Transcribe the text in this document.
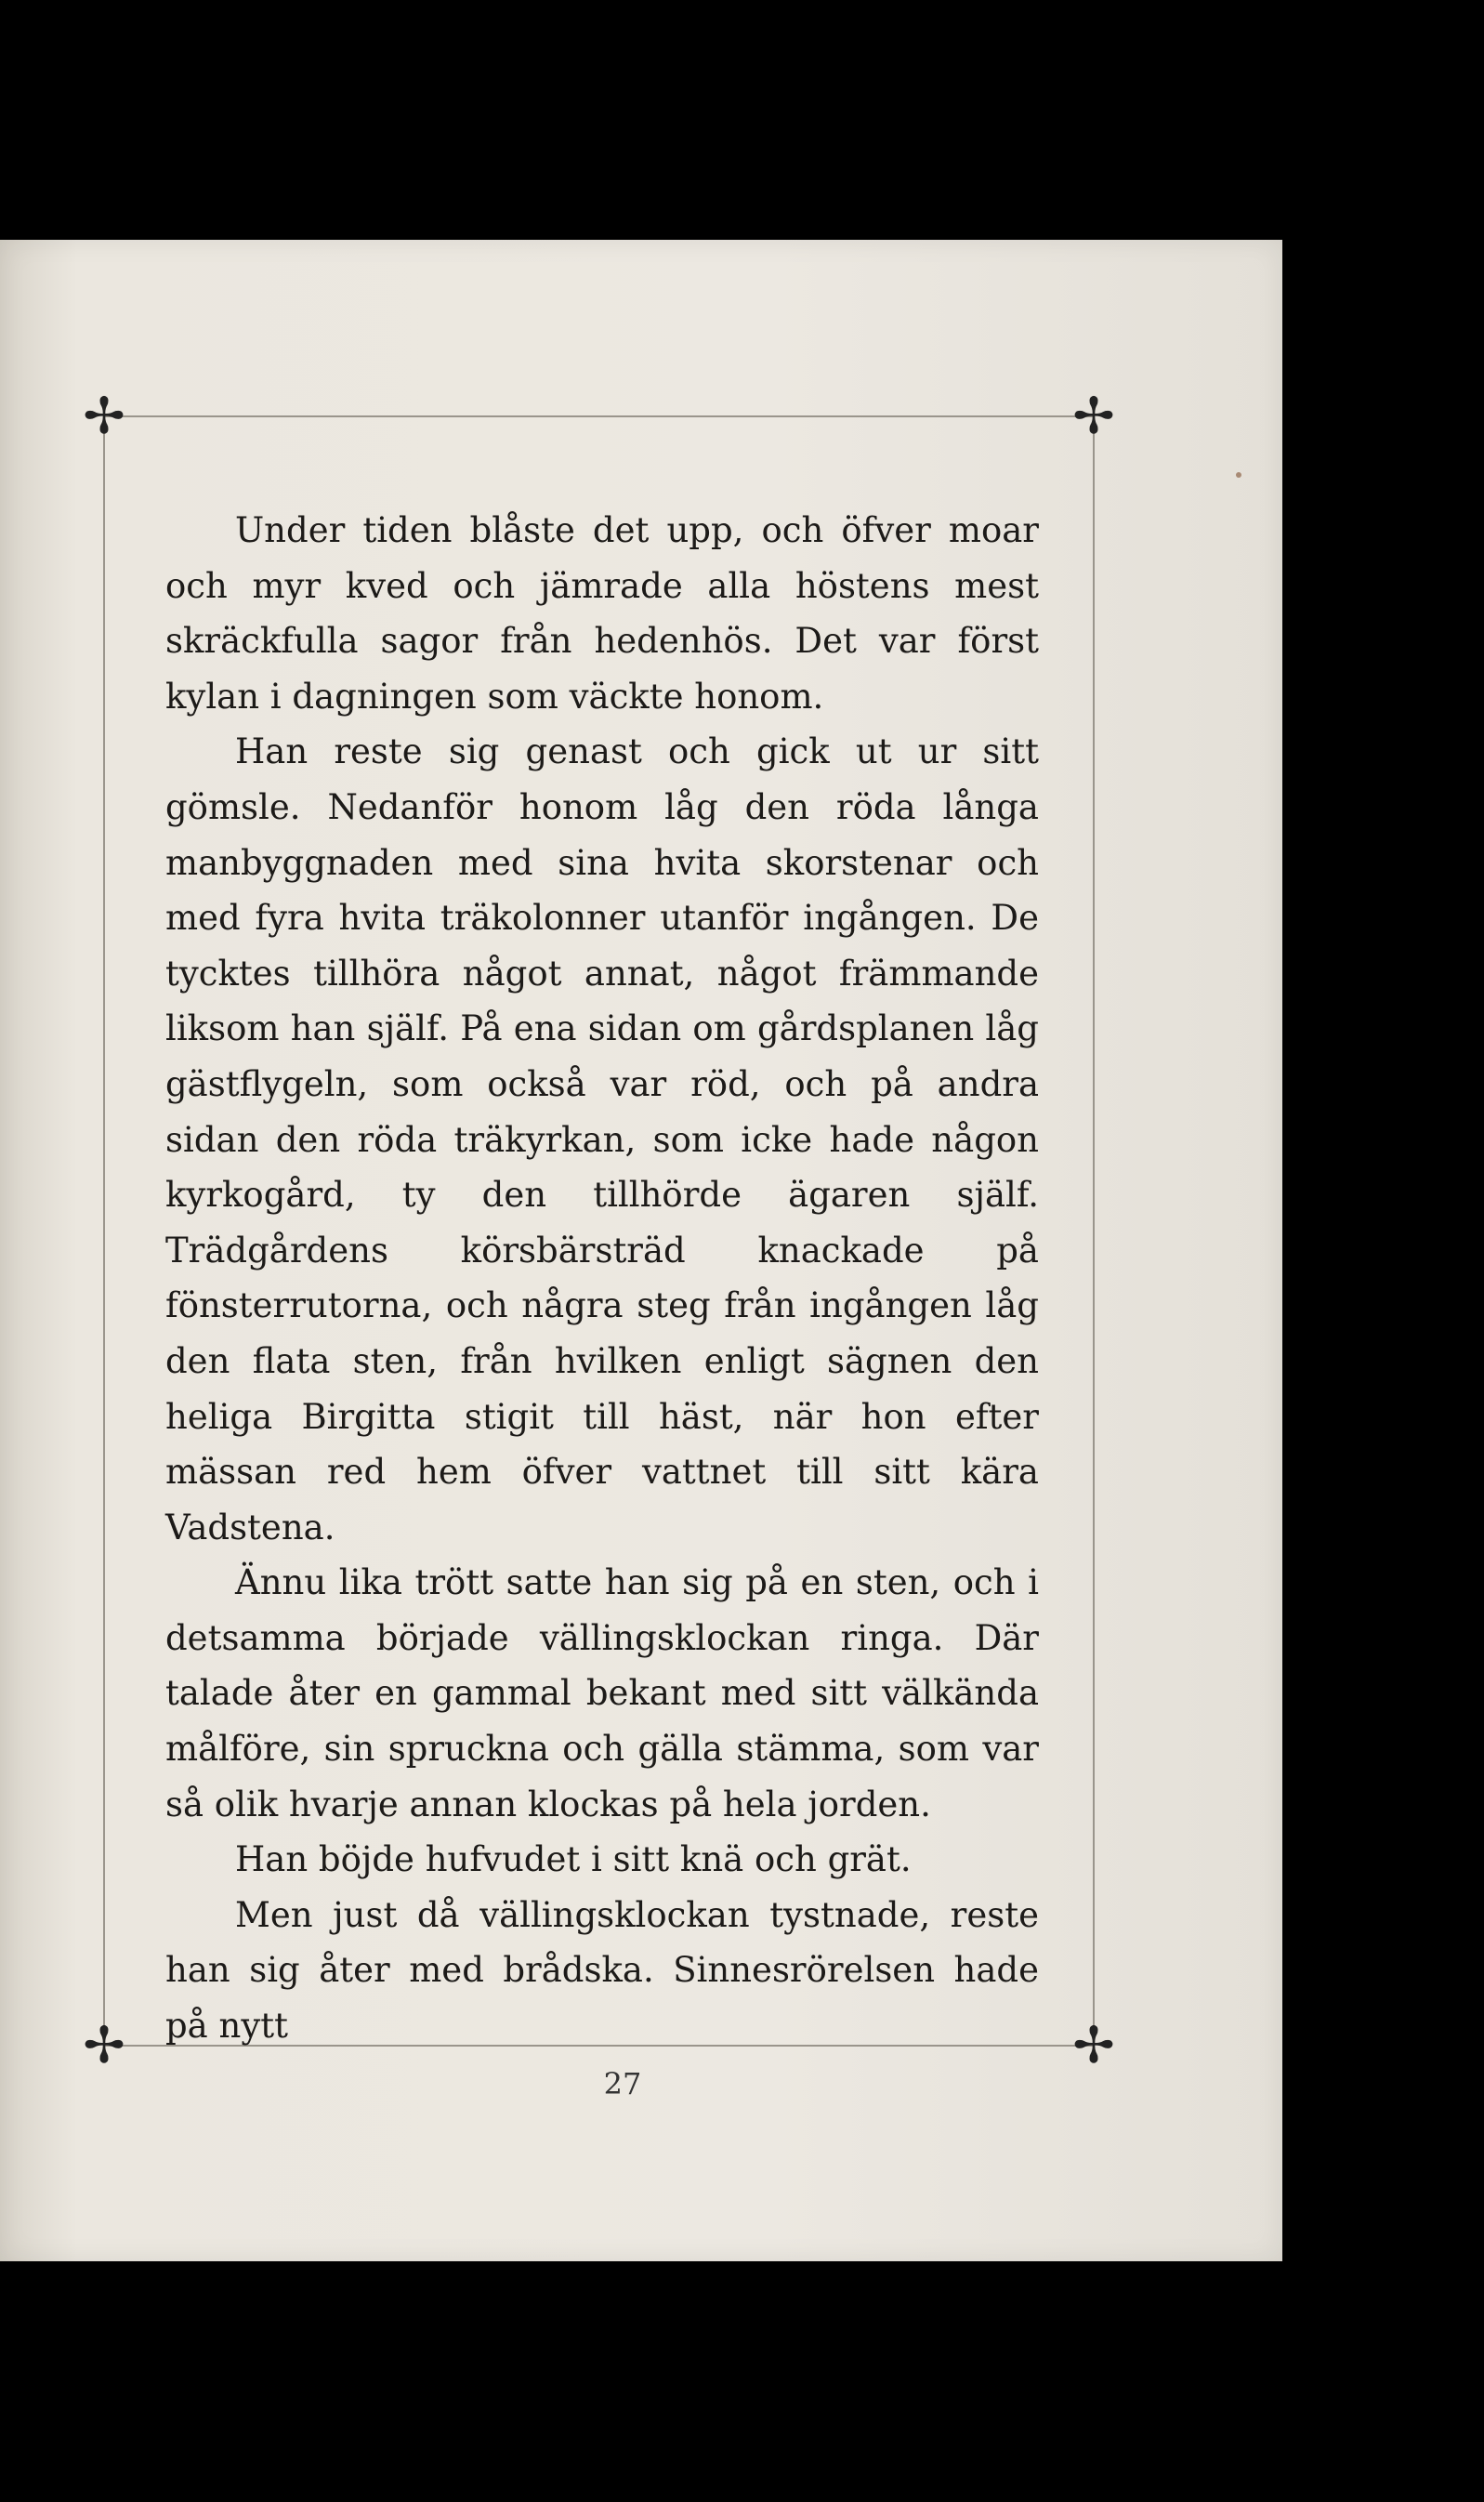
✢	✢
✢	✢

Under tiden blåste det upp, och öfver moar och myr kved och jämrade alla höstens mest skräckfulla sagor från hedenhös. Det var först kylan i dagningen som väckte honom.

Han reste sig genast och gick ut ur sitt gömsle. Nedanför honom låg den röda långa manbyggnaden med sina hvita skorstenar och med fyra hvita träkolonner utanför ingången. De tycktes tillhöra något annat, något främmande liksom han själf. På ena sidan om gårdsplanen låg gästflygeln, som också var röd, och på andra sidan den röda träkyrkan, som icke hade någon kyrkogård, ty den tillhörde ägaren själf. Trädgårdens körsbärsträd knackade på fönsterrutorna, och några steg från ingången låg den flata sten, från hvilken enligt sägnen den heliga Birgitta stigit till häst, när hon efter mässan red hem öfver vattnet till sitt kära Vadstena.

Ännu lika trött satte han sig på en sten, och i detsamma började vällingsklockan ringa. Där talade åter en gammal bekant med sitt välkända målföre, sin spruckna och gälla stämma, som var så olik hvarje annan klockas på hela jorden.

Han böjde hufvudet i sitt knä och grät.

Men just då vällingsklockan tystnade, reste han sig åter med brådska. Sinnesrörelsen hade på nytt

27
